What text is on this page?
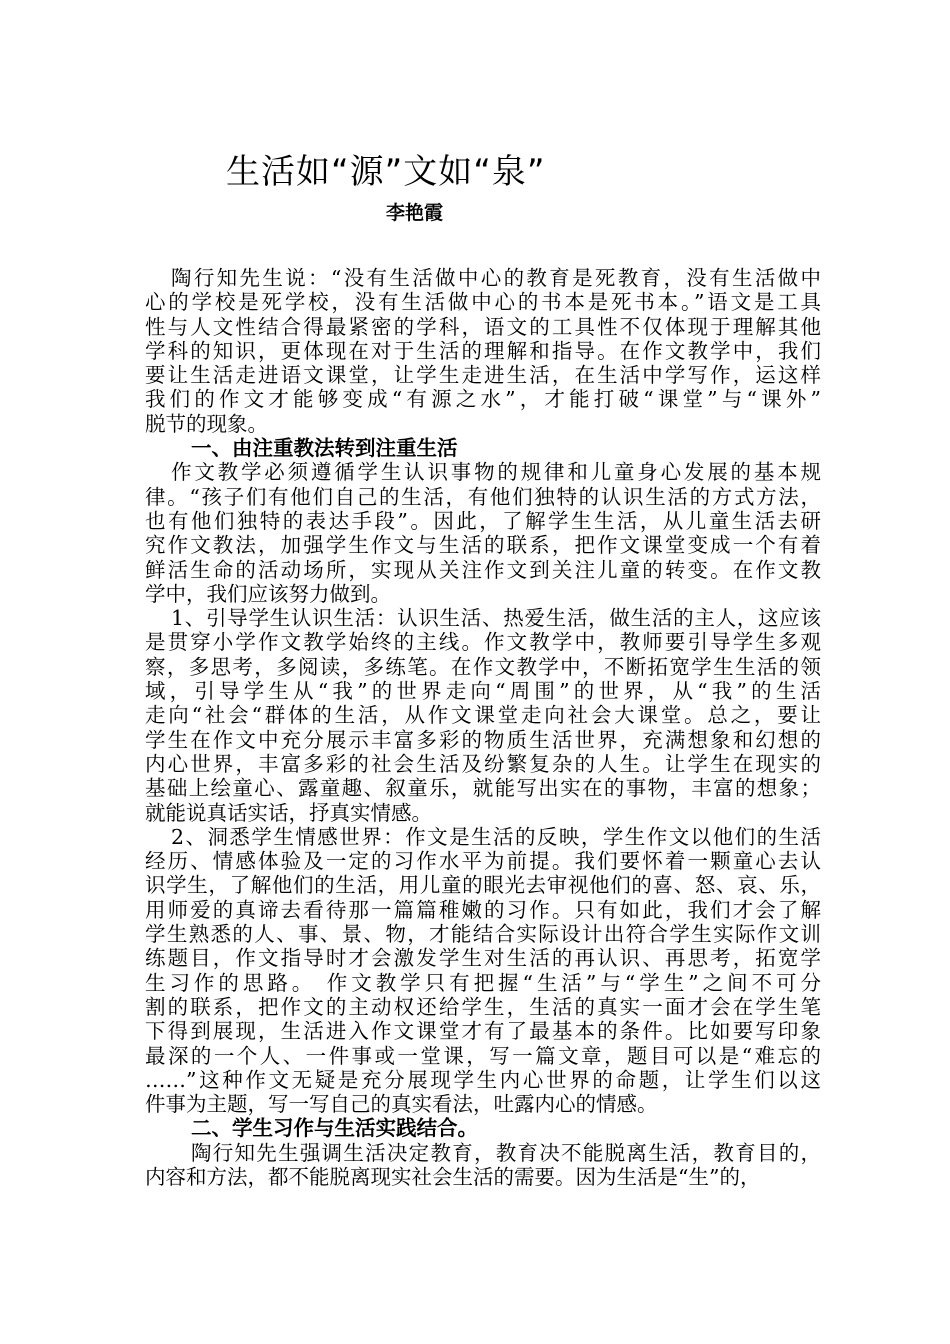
生活如“源”文如“泉”
李艳霞
陶行知先生说：“没有生活做中心的教育是死教育，没有生活做中
心的学校是死学校，没有生活做中心的书本是死书本。”语文是工具
性与人文性结合得最紧密的学科，语文的工具性不仅体现于理解其他
学科的知识，更体现在对于生活的理解和指导。在作文教学中，我们
要让生活走进语文课堂，让学生走进生活，在生活中学写作，运这样
我们的作文才能够变成“有源之水”，才能打破“课堂”与“课外”
脱节的现象。
一、由注重教法转到注重生活
作文教学必须遵循学生认识事物的规律和儿童身心发展的基本规
律。“孩子们有他们自己的生活，有他们独特的认识生活的方式方法，
也有他们独特的表达手段”。因此，了解学生生活，从儿童生活去研
究作文教法，加强学生作文与生活的联系，把作文课堂变成一个有着
鲜活生命的活动场所，实现从关注作文到关注儿童的转变。在作文教
学中，我们应该努力做到。
1、引导学生认识生活：认识生活、热爱生活，做生活的主人，这应该
是贯穿小学作文教学始终的主线。作文教学中，教师要引导学生多观
察，多思考，多阅读，多练笔。在作文教学中，不断拓宽学生生活的领
域，引导学生从“我”的世界走向“周围”的世界，从“我”的生活
走向“社会“群体的生活，从作文课堂走向社会大课堂。总之，要让
学生在作文中充分展示丰富多彩的物质生活世界，充满想象和幻想的
内心世界，丰富多彩的社会生活及纷繁复杂的人生。让学生在现实的
基础上绘童心、露童趣、叙童乐，就能写出实在的事物，丰富的想象；
就能说真话实话，抒真实情感。
2、洞悉学生情感世界：作文是生活的反映，学生作文以他们的生活
经历、情感体验及一定的习作水平为前提。我们要怀着一颗童心去认
识学生，了解他们的生活，用儿童的眼光去审视他们的喜、怒、哀、乐，
用师爱的真谛去看待那一篇篇稚嫩的习作。只有如此，我们才会了解
学生熟悉的人、事、景、物，才能结合实际设计出符合学生实际作文训
练题目，作文指导时才会激发学生对生活的再认识、再思考，拓宽学
生习作的思路。 作文教学只有把握“生活”与“学生”之间不可分
割的联系，把作文的主动权还给学生，生活的真实一面才会在学生笔
下得到展现，生活进入作文课堂才有了最基本的条件。比如要写印象
最深的一个人、一件事或一堂课，写一篇文章，题目可以是“难忘的
……”这种作文无疑是充分展现学生内心世界的命题，让学生们以这
件事为主题，写一写自己的真实看法，吐露内心的情感。
二、学生习作与生活实践结合。
陶行知先生强调生活决定教育，教育决不能脱离生活，教育目的，
内容和方法，都不能脱离现实社会生活的需要。因为生活是“生”的，
